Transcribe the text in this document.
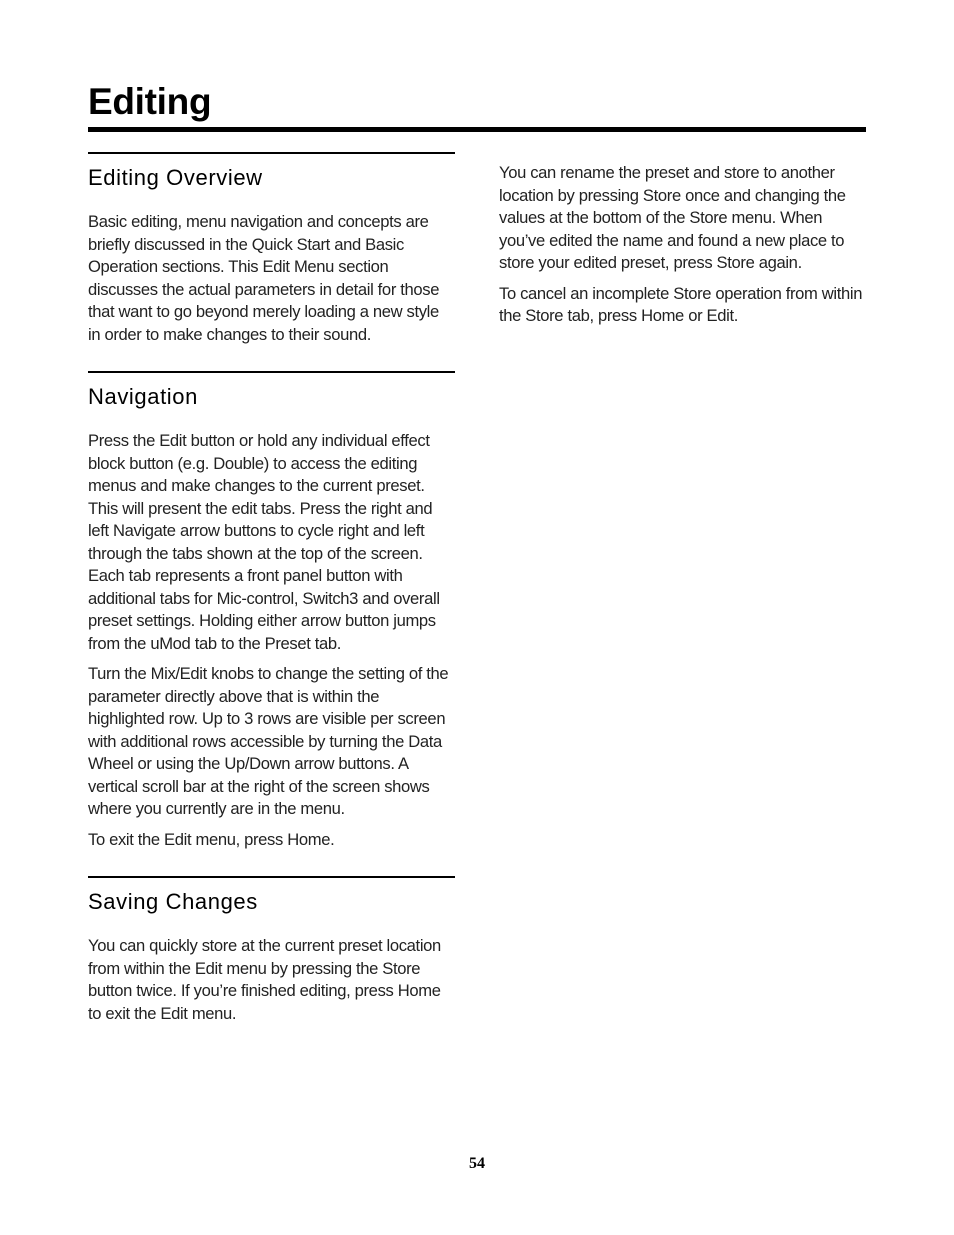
Editing
Editing Overview

Basic editing, menu navigation and concepts are briefly discussed in the Quick Start and Basic Operation sections. This Edit Menu section discusses the actual parameters in detail for those that want to go beyond merely loading a new style in order to make changes to their sound.

Navigation

Press the Edit button or hold any individual effect block button (e.g. Double) to access the editing menus and make changes to the current preset. This will present the edit tabs. Press the right and left Navigate arrow buttons to cycle right and left through the tabs shown at the top of the screen. Each tab represents a front panel button with additional tabs for Mic-control, Switch3 and overall preset settings. Holding either arrow button jumps from the uMod tab to the Preset tab.

Turn the Mix/Edit knobs to change the setting of the parameter directly above that is within the highlighted row. Up to 3 rows are visible per screen with additional rows accessible by turning the Data Wheel or using the Up/Down arrow buttons. A vertical scroll bar at the right of the screen shows where you currently are in the menu.

To exit the Edit menu, press Home.

Saving Changes

You can quickly store at the current preset location from within the Edit menu by pressing the Store button twice. If you’re finished editing, press Home to exit the Edit menu.

You can rename the preset and store to another location by pressing Store once and changing the values at the bottom of the Store menu. When you’ve edited the name and found a new place to store your edited preset, press Store again.

To cancel an incomplete Store operation from within the Store tab, press Home or Edit.

54
